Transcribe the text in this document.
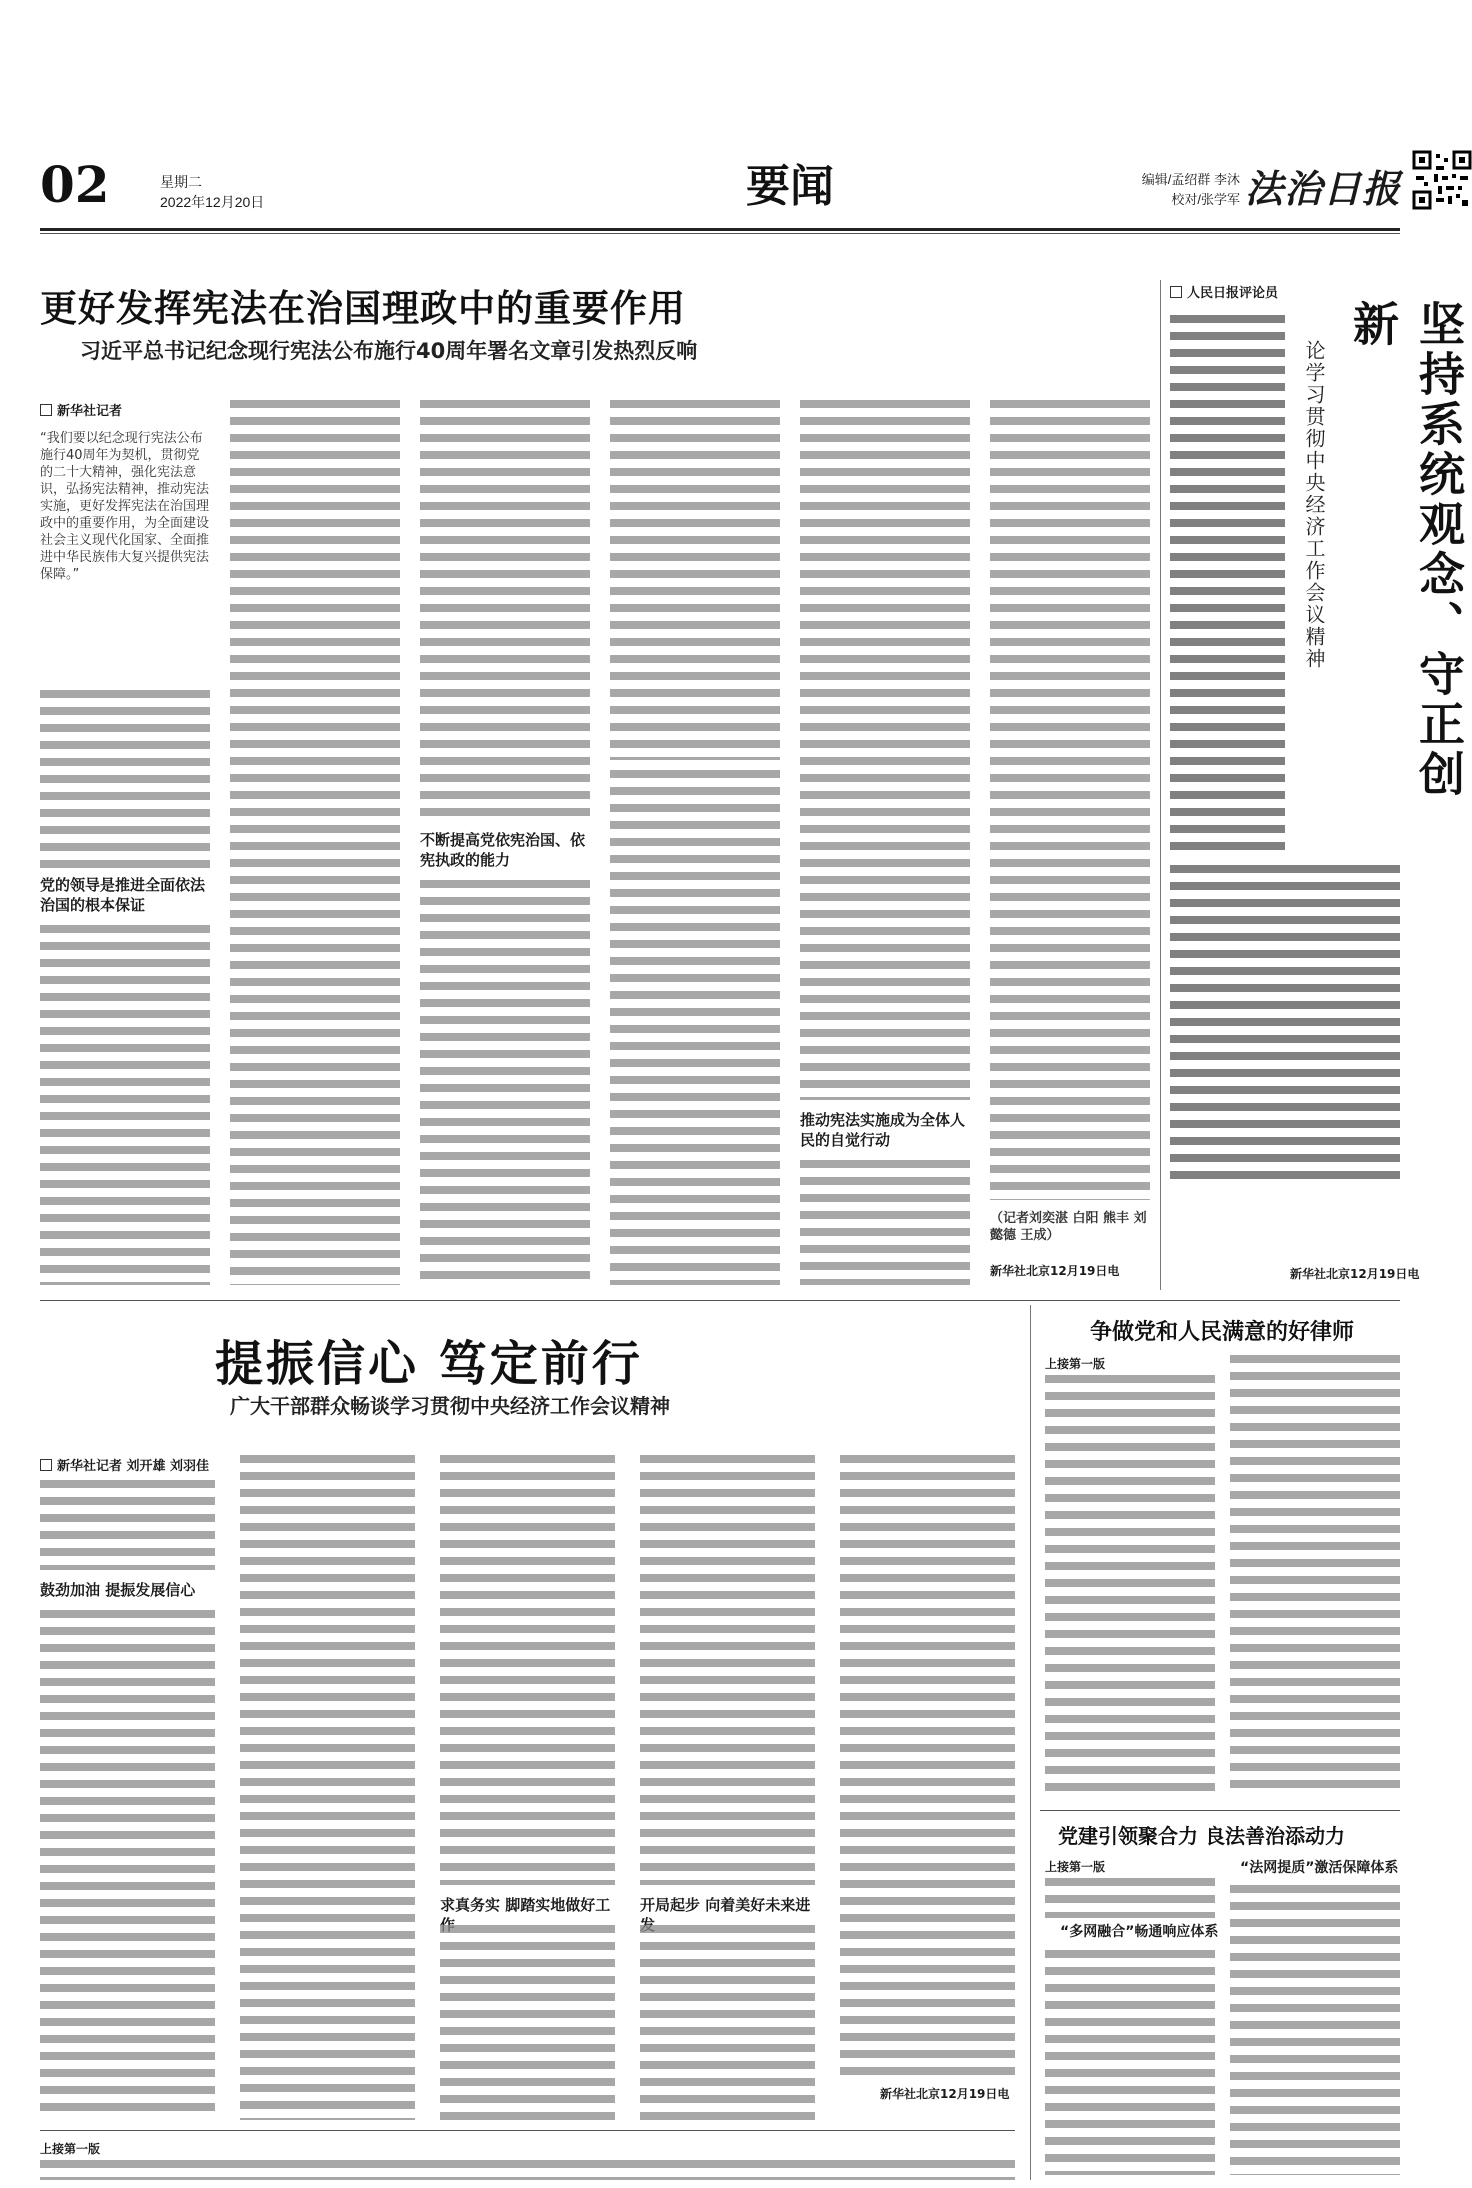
02	星期二
2022年12月20日	要闻	编辑/孟绍群 李沐
校对/张学军 法治日报
更好发挥宪法在治国理政中的重要作用
习近平总书记纪念现行宪法公布施行40周年署名文章引发热烈反响
新华社记者
“我们要以纪念现行宪法公布施行40周年为契机，贯彻党的二十大精神，强化宪法意识，弘扬宪法精神，推动宪法实施，更好发挥宪法在治国理政中的重要作用，为全面建设社会主义现代化国家、全面推进中华民族伟大复兴提供宪法保障。”
党的领导是推进全面依法治国的根本保证
不断提高党依宪治国、依宪执政的能力
推动宪法实施成为全体人民的自觉行动
（记者刘奕湛 白阳 熊丰 刘懿德 王成）
新华社北京12月19日电
人民日报评论员
坚持系统观念、守正创新
论学习贯彻中央经济工作会议精神
新华社北京12月19日电
提振信心 笃定前行
广大干部群众畅谈学习贯彻中央经济工作会议精神
新华社记者 刘开雄 刘羽佳
鼓劲加油 提振发展信心
求真务实 脚踏实地做好工	开局起步 向着美好未来进
新华社北京12月19日电
上接第一版
争做党和人民满意的好律师
上接第一版
党建引领聚合力 良法善治添动力
上接第一版
“多网融合”畅通响应体系
“法网提质”激活保障体系
